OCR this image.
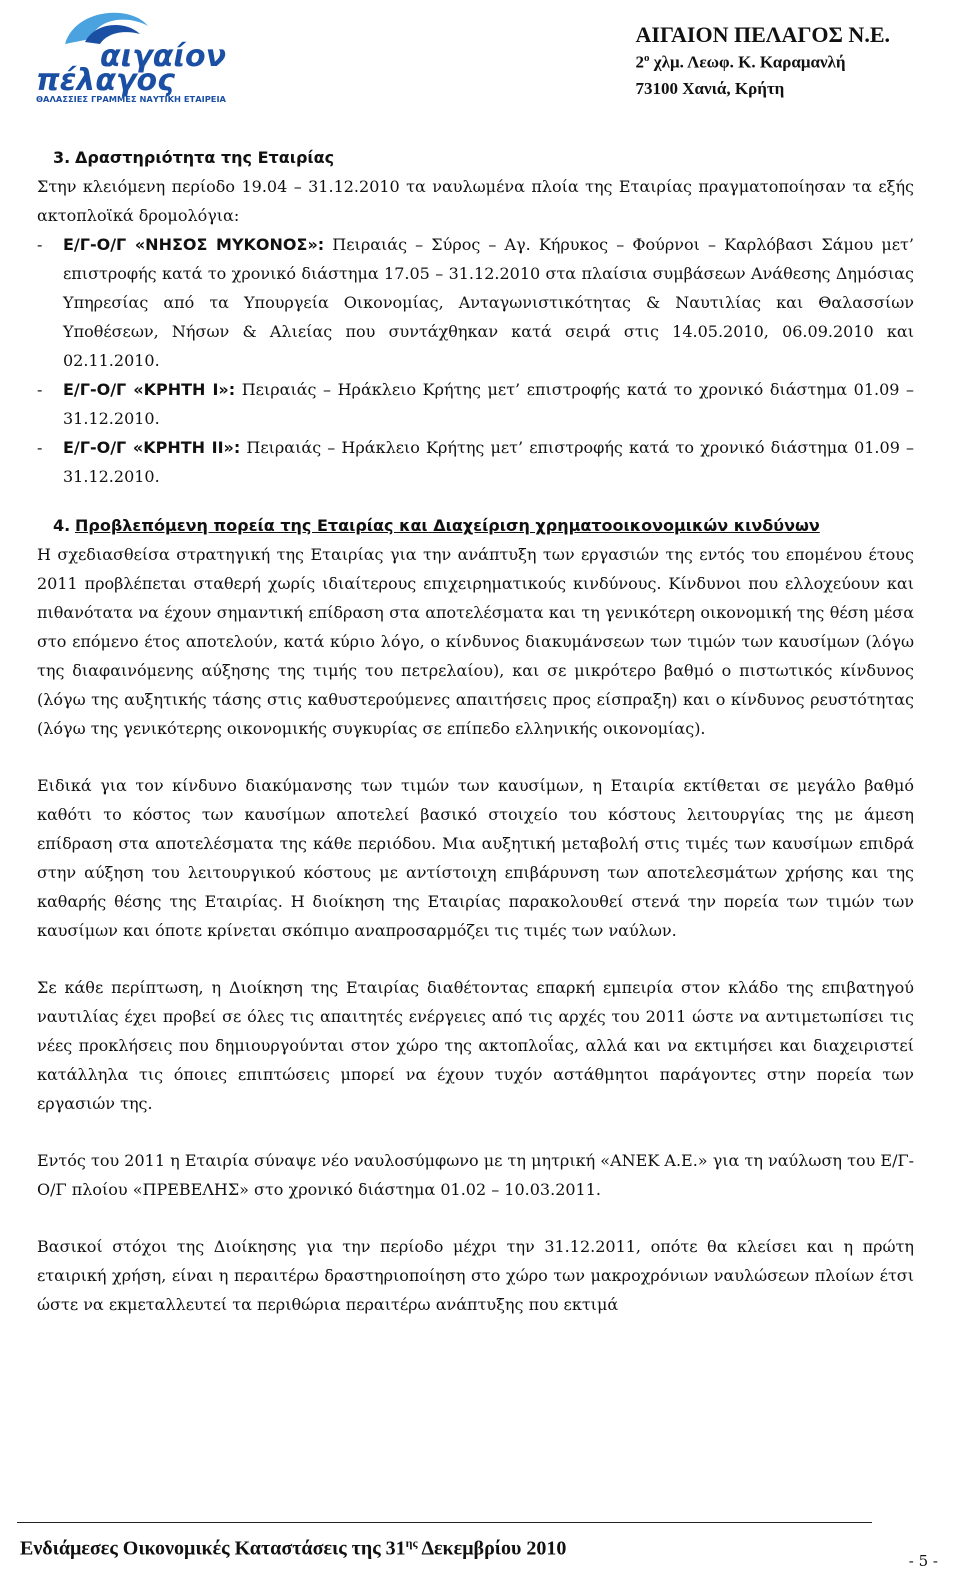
αιγαίον
πέλαγος
ΘΑΛΑΣΣΙΕΣ ΓΡΑΜΜΕΣ ΝΑΥΤΙΚΗ ΕΤΑΙΡΕΙΑ
ΑΙΓΑΙΟΝ ΠΕΛΑΓΟΣ Ν.Ε.
$2^o$ χλμ. Λεωφ. Κ. Καραμανλή
73100 Χανιά, Κρήτη
3. Δραστηριότητα της Εταιρίας

Στην κλειόμενη περίοδο 19.04 – 31.12.2010 τα ναυλωμένα πλοία της Εταιρίας πραγματοποίησαν τα εξής ακτοπλοϊκά δρομολόγια:

-	Ε/Γ-Ο/Γ «ΝΗΣΟΣ ΜΥΚΟΝΟΣ»: Πειραιάς – Σύρος – Αγ. Κήρυκος – Φούρνοι – Καρλόβασι Σάμου μετ’ επιστροφής κατά το χρονικό διάστημα 17.05 – 31.12.2010 στα πλαίσια συμβάσεων Ανάθεσης Δημόσιας Υπηρεσίας από τα Υπουργεία Οικονομίας, Ανταγωνιστικότητας & Ναυτιλίας και Θαλασσίων Υποθέσεων, Νήσων & Αλιείας που συντάχθηκαν κατά σειρά στις 14.05.2010, 06.09.2010 και 02.11.2010.
-	Ε/Γ-Ο/Γ «ΚΡΗΤΗ Ι»: Πειραιάς – Ηράκλειο Κρήτης μετ’ επιστροφής κατά το χρονικό διάστημα 01.09 – 31.12.2010.
-	Ε/Γ-Ο/Γ «ΚΡΗΤΗ ΙΙ»: Πειραιάς – Ηράκλειο Κρήτης μετ’ επιστροφής κατά το χρονικό διάστημα 01.09 – 31.12.2010.
4. Προβλεπόμενη πορεία της Εταιρίας και Διαχείριση χρηματοοικονομικών κινδύνων

Η σχεδιασθείσα στρατηγική της Εταιρίας για την ανάπτυξη των εργασιών της εντός του επομένου έτους 2011 προβλέπεται σταθερή χωρίς ιδιαίτερους επιχειρηματικούς κινδύνους. Κίνδυνοι που ελλοχεύουν και πιθανότατα να έχουν σημαντική επίδραση στα αποτελέσματα και τη γενικότερη οικονομική της θέση μέσα στο επόμενο έτος αποτελούν, κατά κύριο λόγο, ο κίνδυνος διακυμάνσεων των τιμών των καυσίμων (λόγω της διαφαινόμενης αύξησης της τιμής του πετρελαίου), και σε μικρότερο βαθμό ο πιστωτικός κίνδυνος (λόγω της αυξητικής τάσης στις καθυστερούμενες απαιτήσεις προς είσπραξη) και ο κίνδυνος ρευστότητας (λόγω της γενικότερης οικονομικής συγκυρίας σε επίπεδο ελληνικής οικονομίας).

Ειδικά για τον κίνδυνο διακύμανσης των τιμών των καυσίμων, η Εταιρία εκτίθεται σε μεγάλο βαθμό καθότι το κόστος των καυσίμων αποτελεί βασικό στοιχείο του κόστους λειτουργίας της με άμεση επίδραση στα αποτελέσματα της κάθε περιόδου. Μια αυξητική μεταβολή στις τιμές των καυσίμων επιδρά στην αύξηση του λειτουργικού κόστους με αντίστοιχη επιβάρυνση των αποτελεσμάτων χρήσης και της καθαρής θέσης της Εταιρίας. Η διοίκηση της Εταιρίας παρακολουθεί στενά την πορεία των τιμών των καυσίμων και όποτε κρίνεται σκόπιμο αναπροσαρμόζει τις τιμές των ναύλων.

Σε κάθε περίπτωση, η Διοίκηση της Εταιρίας διαθέτοντας επαρκή εμπειρία στον κλάδο της επιβατηγού ναυτιλίας έχει προβεί σε όλες τις απαιτητές ενέργειες από τις αρχές του 2011 ώστε να αντιμετωπίσει τις νέες προκλήσεις που δημιουργούνται στον χώρο της ακτοπλοΐας, αλλά και να εκτιμήσει και διαχειριστεί κατάλληλα τις όποιες επιπτώσεις μπορεί να έχουν τυχόν αστάθμητοι παράγοντες στην πορεία των εργασιών της.

Εντός του 2011 η Εταιρία σύναψε νέο ναυλοσύμφωνο με τη μητρική «ΑΝΕΚ Α.Ε.» για τη ναύλωση του Ε/Γ-Ο/Γ πλοίου «ΠΡΕΒΕΛΗΣ» στο χρονικό διάστημα 01.02 – 10.03.2011.

Βασικοί στόχοι της Διοίκησης για την περίοδο μέχρι την 31.12.2011, οπότε θα κλείσει και η πρώτη εταιρική χρήση, είναι η περαιτέρω δραστηριοποίηση στο χώρο των μακροχρόνιων ναυλώσεων πλοίων έτσι ώστε να εκμεταλλευτεί τα περιθώρια περαιτέρω ανάπτυξης που εκτιμά

Ενδιάμεσες Οικονομικές Καταστάσεις της $31^{\eta\varsigma}$ Δεκεμβρίου 2010
- 5 -
